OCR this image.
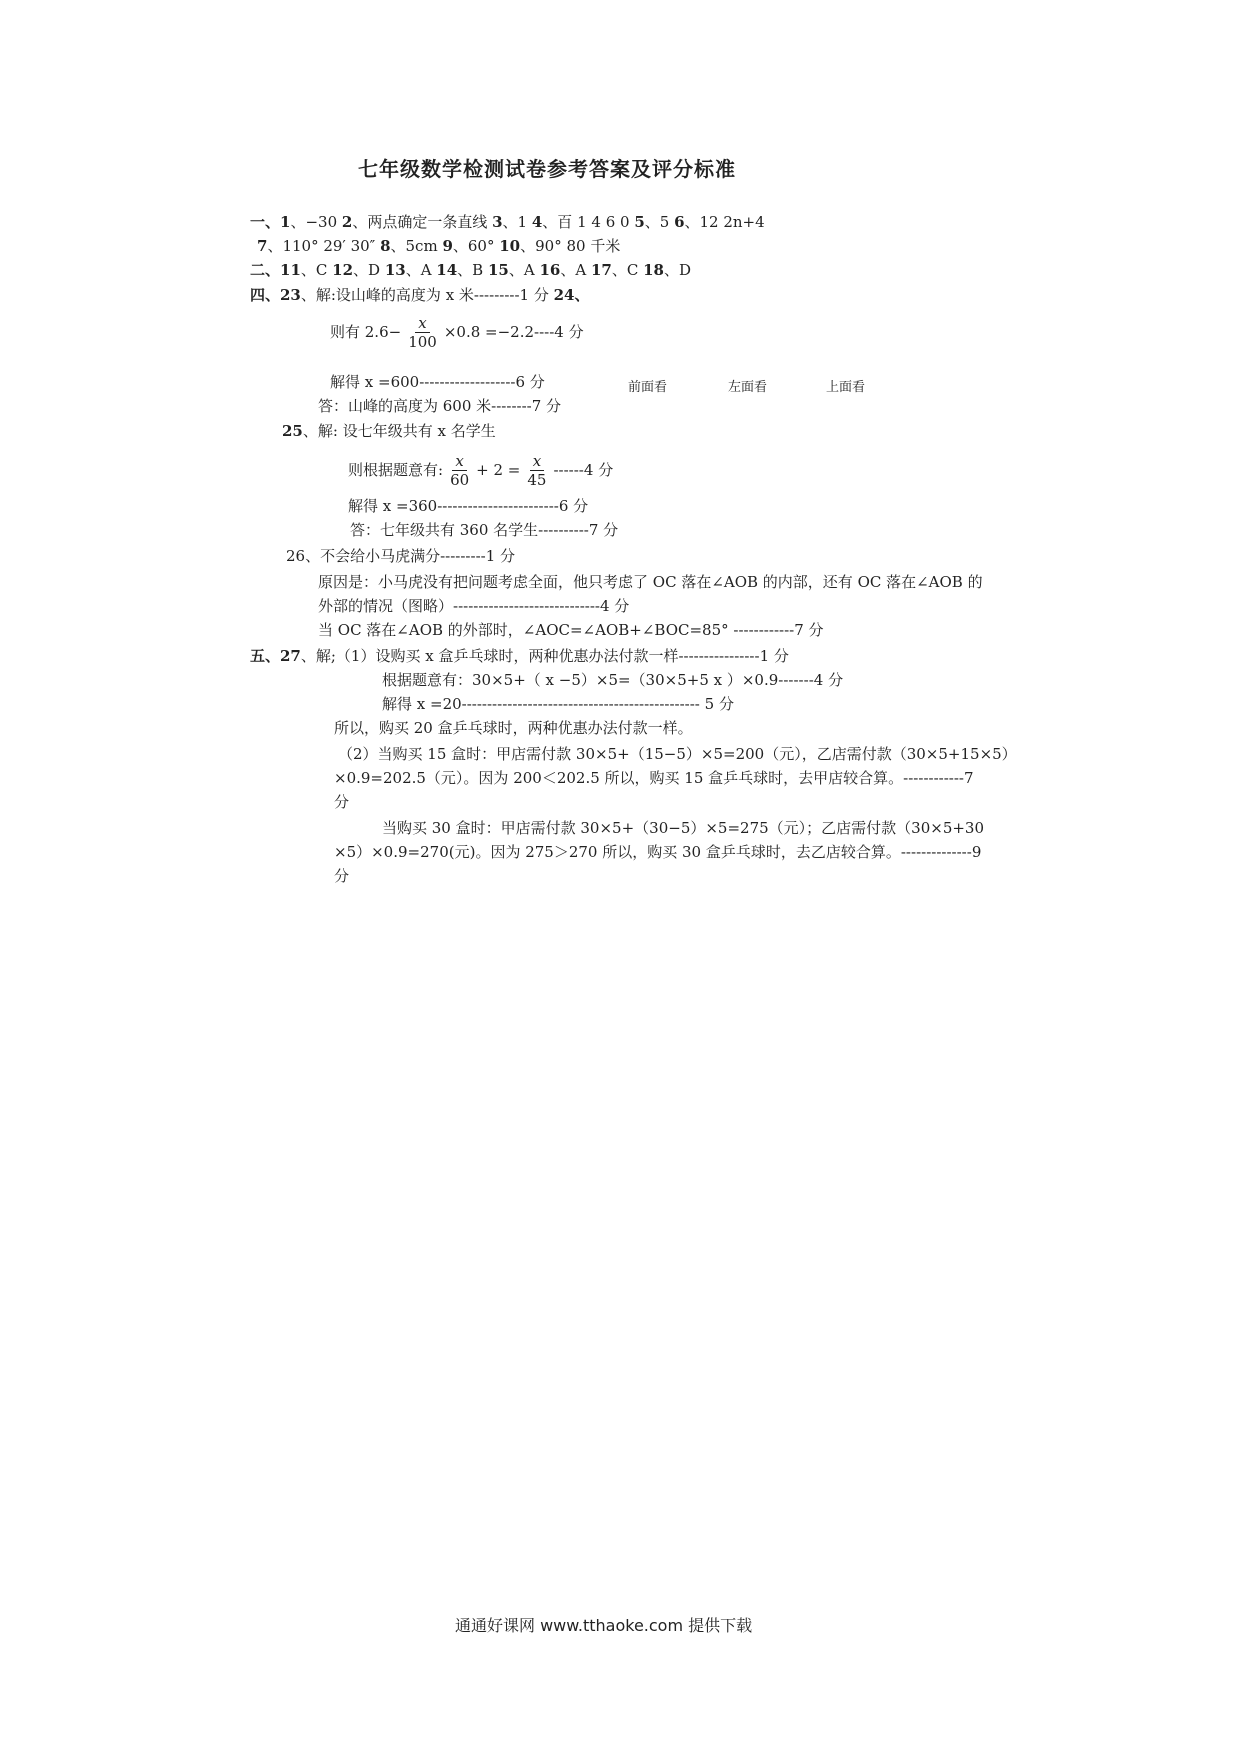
七年级数学检测试卷参考答案及评分标准
一、1、−30 2、两点确定一条直线 3、1 4、百 1 4 6 0 5、5 6、12 2n+4
7、110° 29′ 30″ 8、5cm 9、60° 10、90° 80 千米
二、11、C 12、D 13、A 14、B 15、A 16、A 17、C 18、D
四、23、解:设山峰的高度为 x 米---------1 分 24、
则有 $2.6- \frac{x}{100} \times 0.8 =-2.2----4$ 分
解得 x =600-------------------6 分
答：山峰的高度为 600 米--------7 分
前面看	左面看	上面看
25、解: 设七年级共有 x 名学生
则根据题意有: $\frac{x}{60} + 2 = \frac{x}{45} ------4$ 分
解得 x =360------------------------6 分
答：七年级共有 360 名学生----------7 分
26、不会给小马虎满分---------1 分
原因是：小马虎没有把问题考虑全面，他只考虑了 OC 落在∠AOB 的内部，还有 OC 落在∠AOB 的
外部的情况（图略）-----------------------------4 分
当 OC 落在∠AOB 的外部时，∠AOC=∠AOB+∠BOC=85° ------------7 分
五、27、解;（1）设购买 x 盒乒乓球时，两种优惠办法付款一样----------------1 分
根据题意有：30×5+（ x −5）×5=（30×5+5 x ）×0.9-------4 分
解得 x =20----------------------------------------------- 5 分
所以，购买 20 盒乒乓球时，两种优惠办法付款一样。
（2）当购买 15 盒时：甲店需付款 30×5+（15−5）×5=200（元），乙店需付款（30×5+15×5）
×0.9=202.5（元）。因为 200＜202.5 所以，购买 15 盒乒乓球时，去甲店较合算。------------7
分
当购买 30 盒时：甲店需付款 30×5+（30−5）×5=275（元）；乙店需付款（30×5+30
×5）×0.9=270(元)。因为 275＞270 所以，购买 30 盒乒乓球时，去乙店较合算。--------------9
分
通通好课网 www.tthaoke.com 提供下载
